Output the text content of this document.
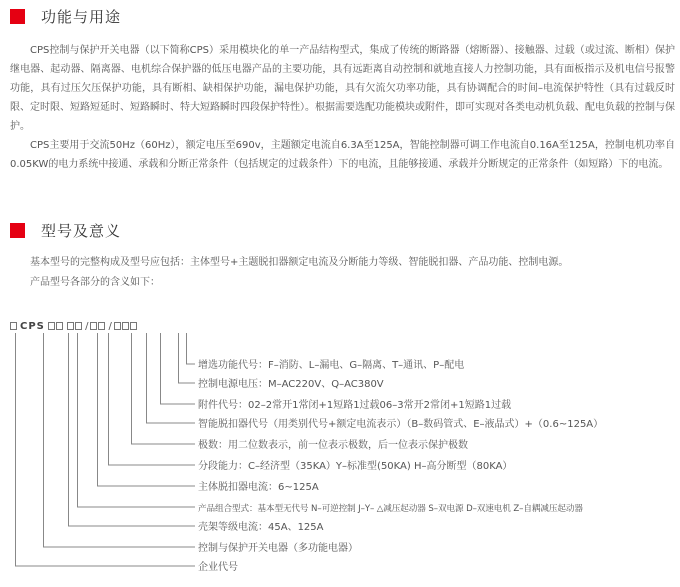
功能与用途
CPS控制与保护开关电器（以下简称CPS）采用模块化的单一产品结构型式，集成了传统的断路器（熔断器）、接触器、过载（或过流、断相）保护继电器、起动器、隔离器、电机综合保护器的低压电器产品的主要功能，具有远距离自动控制和就地直接人力控制功能，具有面板指示及机电信号报警功能，具有过压欠压保护功能，具有断相、缺相保护功能，漏电保护功能，具有欠流欠功率功能，具有协调配合的时间–电流保护特性（具有过载反时限、定时限、短路短延时、短路瞬时、特大短路瞬时四段保护特性）。根据需要选配功能模块或附件，即可实现对各类电动机负载、配电负载的控制与保护。
CPS主要用于交流50Hz（60Hz），额定电压至690v，主题额定电流自6.3A至125A，智能控制器可调工作电流自0.16A至125A，控制电机功率自0.05KW的电力系统中接通、承载和分断正常条件（包括规定的过载条件）下的电流，且能够接通、承载并分断规定的正常条件（如短路）下的电流。
型号及意义
基本型号的完整构成及型号应包括：主体型号+主题脱扣器额定电流及分断能力等级、智能脱扣器、产品功能、控制电源。
产品型号各部分的含义如下：
CPS	/ /
增选功能代号：F–消防、L–漏电、G–隔离、T–通讯、P–配电
控制电源电压：M–AC220V、Q–AC380V
附件代号：02–2常开1常闭+1短路1过载06–3常开2常闭+1短路1过载
智能脱扣器代号（用类别代号+额定电流表示）（B–数码管式、E–液晶式）+（0.6~125A）
极数：用二位数表示，前一位表示极数，后一位表示保护极数
分段能力：C–经济型（35KA）Y–标准型(50KA) H–高分断型（80KA）
主体脱扣器电流：6~125A
产品组合型式：基本型无代号 N–可逆控制 J–Y– △减压起动器 S–双电源 D–双速电机 Z–自耦减压起动器
壳架等级电流：45A、125A
控制与保护开关电器（多功能电器）
企业代号
